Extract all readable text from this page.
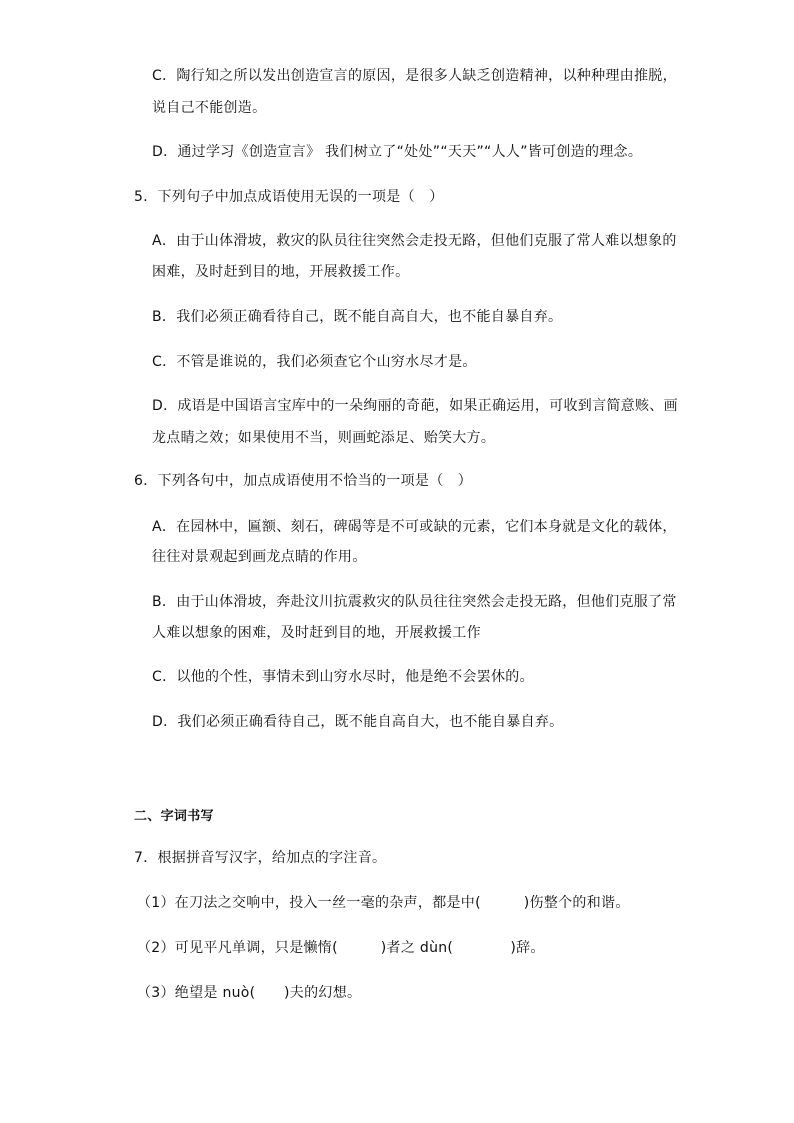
C．陶行知之所以发出创造宣言的原因，是很多人缺乏创造精神，以种种理由推脱，
说自己不能创造。
D．通过学习《创造宣言》 我们树立了“处处”“天天”“人人”皆可创造的理念。
5．下列句子中加点成语使用无误的一项是（　）
A．由于山体滑坡，救灾的队员往往突然会走投无路，但他们克服了常人难以想象的
困难，及时赶到目的地，开展救援工作。
B．我们必须正确看待自己，既不能自高自大，也不能自暴自弃。
C．不管是谁说的，我们必须查它个山穷水尽才是。
D．成语是中国语言宝库中的一朵绚丽的奇葩，如果正确运用，可收到言简意赅、画
龙点睛之效；如果使用不当，则画蛇添足、贻笑大方。
6．下列各句中，加点成语使用不恰当的一项是（　）
A．在园林中，匾额、刻石，碑碣等是不可或缺的元素，它们本身就是文化的载体，
往往对景观起到画龙点睛的作用。
B．由于山体滑坡，奔赴汶川抗震救灾的队员往往突然会走投无路，但他们克服了常
人难以想象的困难，及时赶到目的地，开展救援工作
C．以他的个性，事情未到山穷水尽时，他是绝不会罢休的。
D．我们必须正确看待自己，既不能自高自大，也不能自暴自弃。
二、字词书写
7．根据拼音写汉字，给加点的字注音。
（1）在刀法之交响中，投入一丝一毫的杂声，都是中(　　　)伤整个的和谐。
（2）可见平凡单调，只是懒惰(　　　)者之 dùn(　　　　)辞。
（3）绝望是 nuò(　　)夫的幻想。
